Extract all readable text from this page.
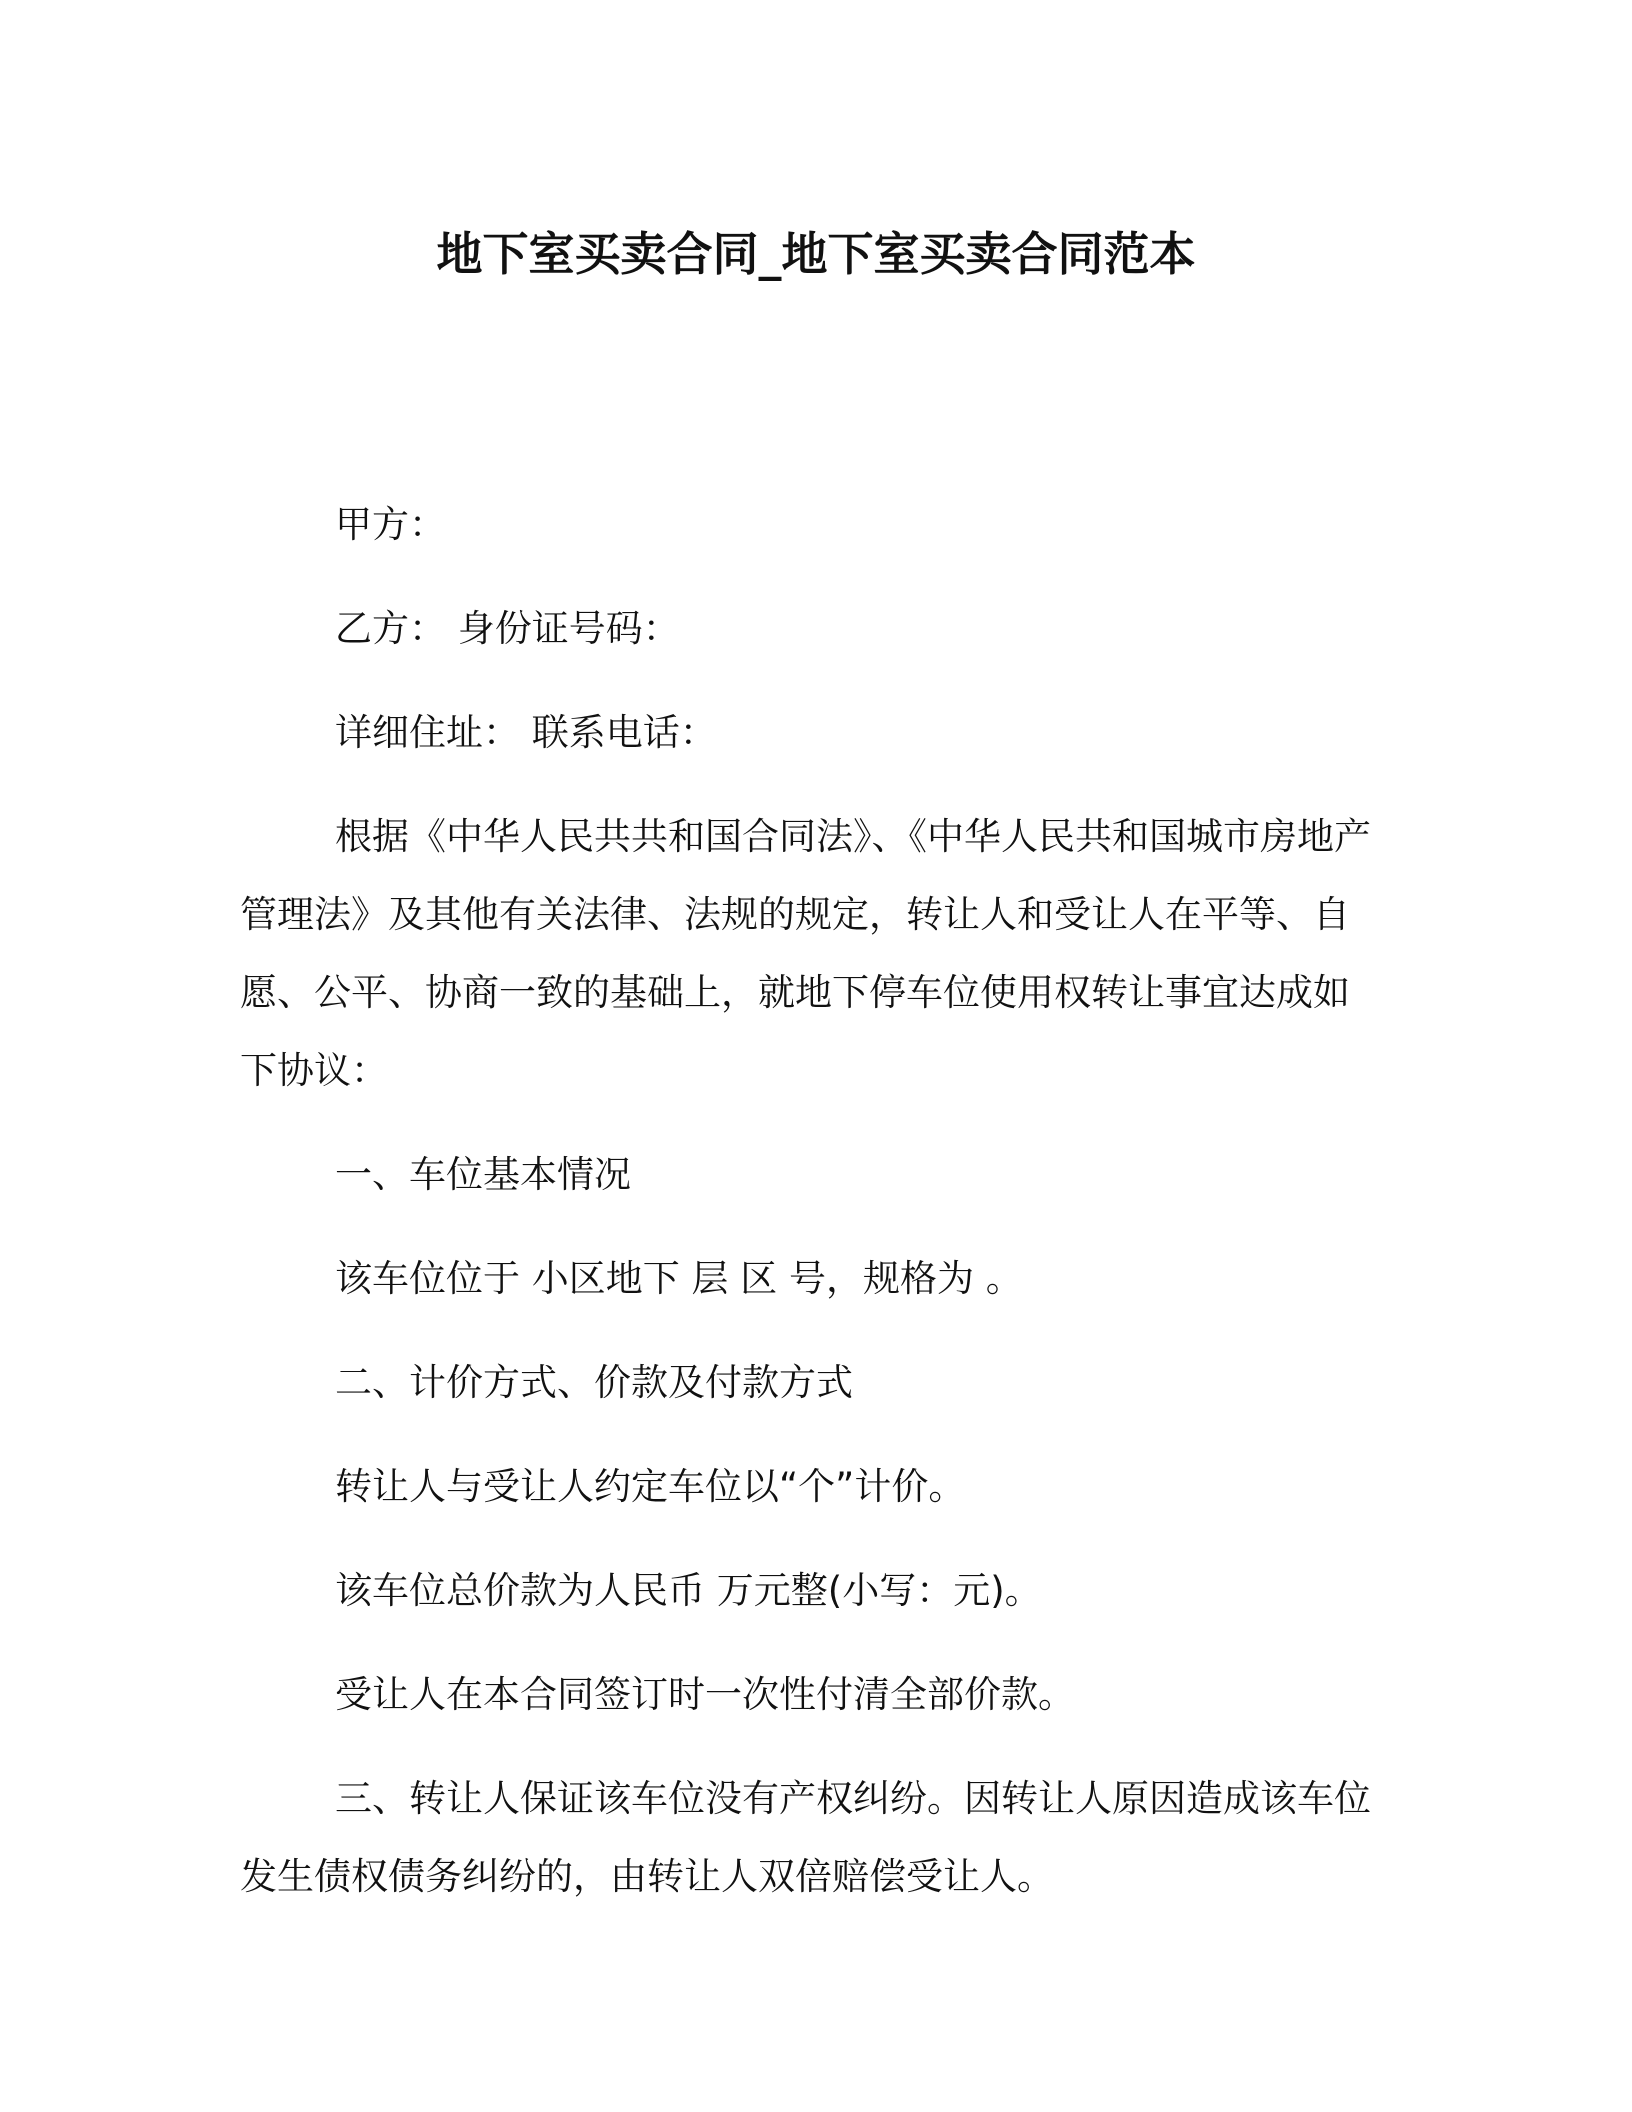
地下室买卖合同_地下室买卖合同范本

甲方：

乙方： 身份证号码：

详细住址： 联系电话：

根据《中华人民共共和国合同法》、《中华人民共和国城市房地产管理法》及其他有关法律、法规的规定，转让人和受让人在平等、自愿、公平、协商一致的基础上，就地下停车位使用权转让事宜达成如下协议：

一、车位基本情况

该车位位于 小区地下 层 区 号，规格为 。

二、计价方式、价款及付款方式

转让人与受让人约定车位以“个”计价。

该车位总价款为人民币 万元整(小写：元)。

受让人在本合同签订时一次性付清全部价款。

三、转让人保证该车位没有产权纠纷。因转让人原因造成该车位发生债权债务纠纷的，由转让人双倍赔偿受让人。
